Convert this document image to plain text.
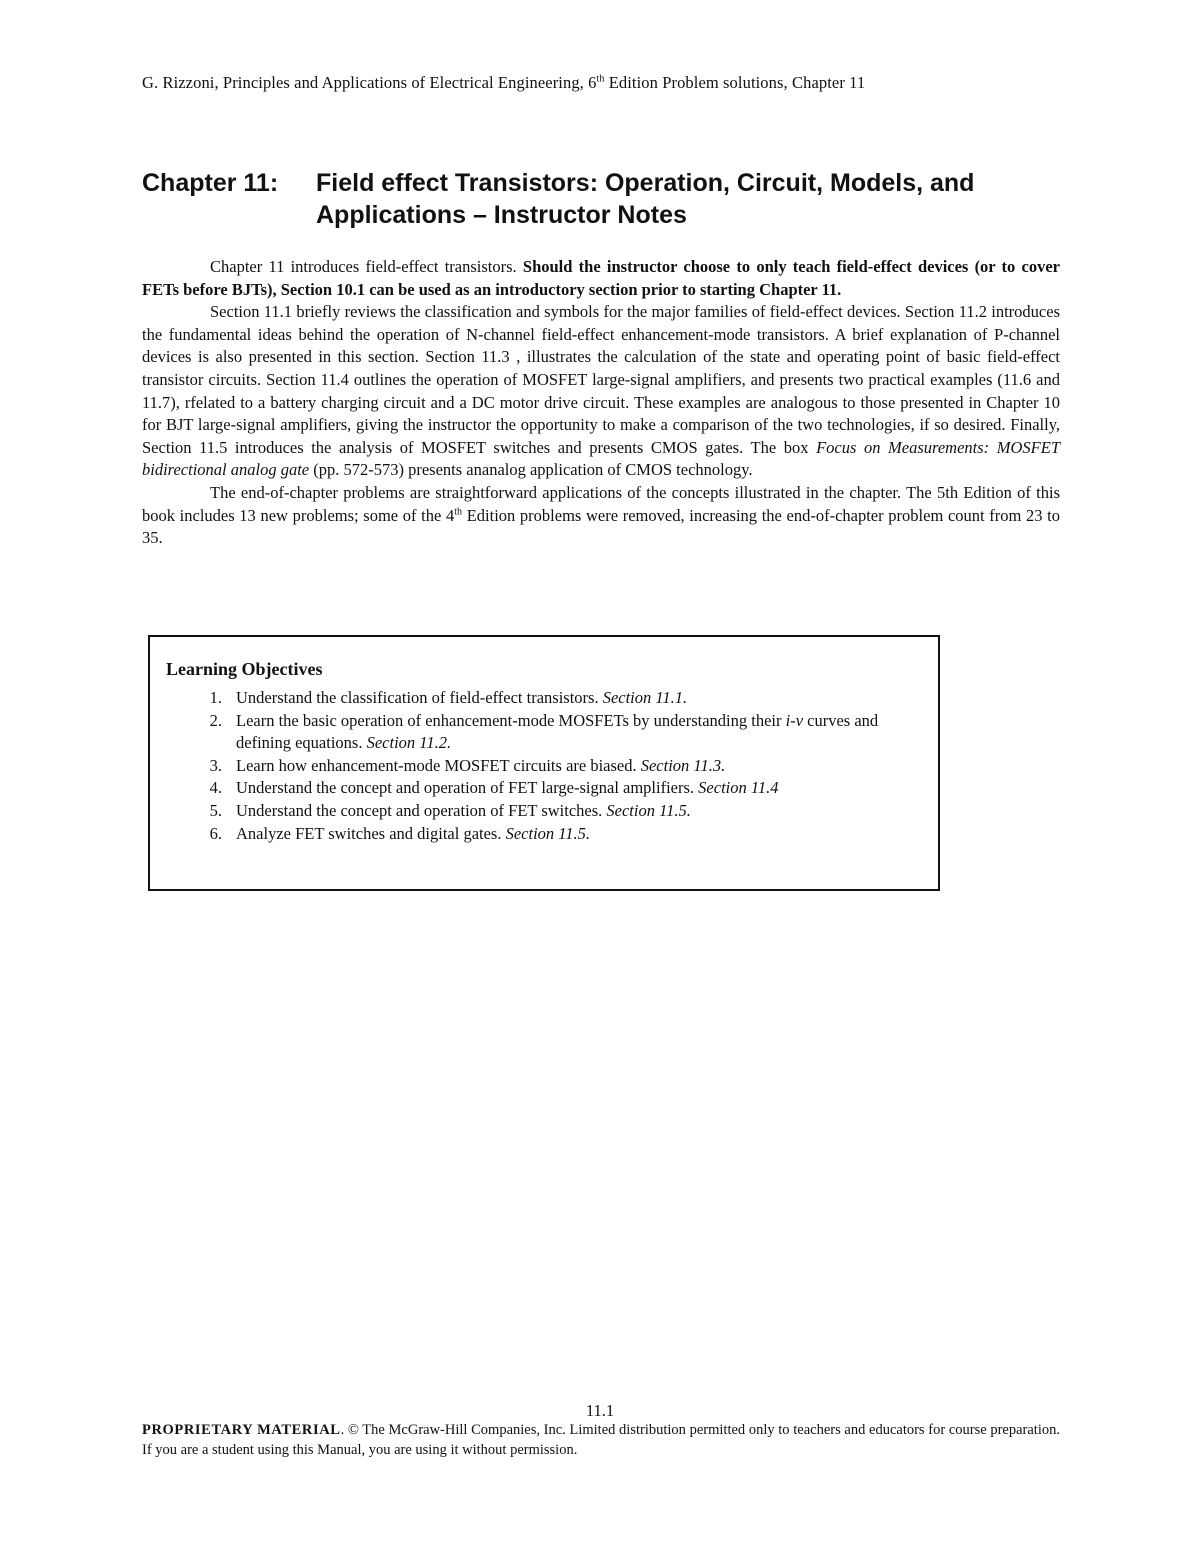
G. Rizzoni, Principles and Applications of Electrical Engineering, 6th Edition Problem solutions, Chapter 11
Chapter 11: Field effect Transistors: Operation, Circuit, Models, and
Applications – Instructor Notes

Chapter 11 introduces field-effect transistors. Should the instructor choose to only teach field-effect devices (or to cover FETs before BJTs), Section 10.1 can be used as an introductory section prior to starting Chapter 11.

Section 11.1 briefly reviews the classification and symbols for the major families of field-effect devices. Section 11.2 introduces the fundamental ideas behind the operation of N-channel field-effect enhancement-mode transistors. A brief explanation of P-channel devices is also presented in this section. Section 11.3 , illustrates the calculation of the state and operating point of basic field-effect transistor circuits. Section 11.4 outlines the operation of MOSFET large-signal amplifiers, and presents two practical examples (11.6 and 11.7), rfelated to a battery charging circuit and a DC motor drive circuit. These examples are analogous to those presented in Chapter 10 for BJT large-signal amplifiers, giving the instructor the opportunity to make a comparison of the two technologies, if so desired. Finally, Section 11.5 introduces the analysis of MOSFET switches and presents CMOS gates. The box Focus on Measurements: MOSFET bidirectional analog gate (pp. 572-573) presents ananalog application of CMOS technology.

The end-of-chapter problems are straightforward applications of the concepts illustrated in the chapter. The 5th Edition of this book includes 13 new problems; some of the 4th Edition problems were removed, increasing the end-of-chapter problem count from 23 to 35.

Learning Objectives
1. Understand the classification of field-effect transistors. Section 11.1.
2. Learn the basic operation of enhancement-mode MOSFETs by understanding their i-v curves and defining equations. Section 11.2.
3. Learn how enhancement-mode MOSFET circuits are biased. Section 11.3.
4. Understand the concept and operation of FET large-signal amplifiers. Section 11.4
5. Understand the concept and operation of FET switches. Section 11.5.
6. Analyze FET switches and digital gates. Section 11.5.
11.1
PROPRIETARY MATERIAL. © The McGraw-Hill Companies, Inc. Limited distribution permitted only to teachers and educators for course preparation. If you are a student using this Manual, you are using it without permission.
